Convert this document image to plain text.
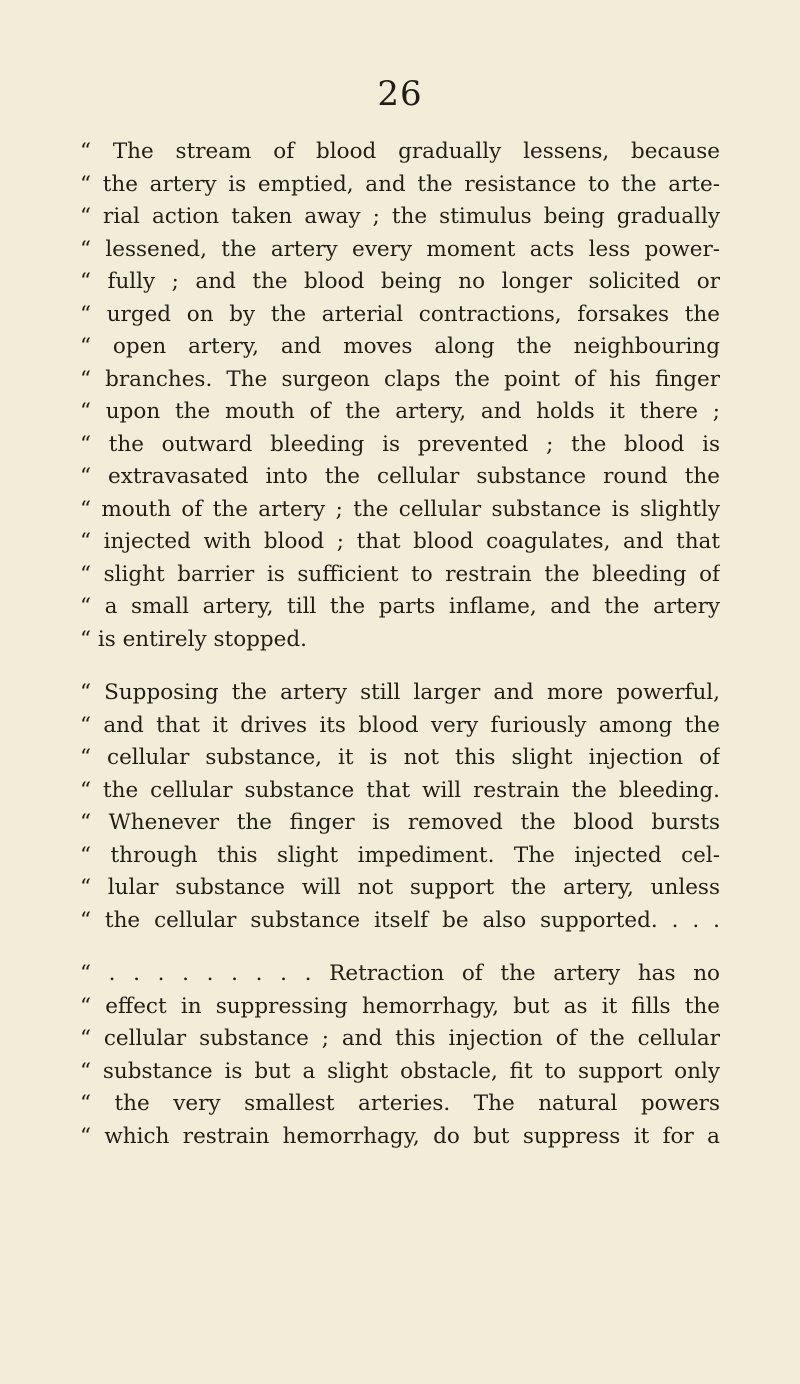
26
“ The stream of blood gradually lessens, because
“ the artery is emptied, and the resistance to the arte-
“ rial action taken away ; the stimulus being gradually
“ lessened, the artery every moment acts less power-
“ fully ; and the blood being no longer solicited or
“ urged on by the arterial contractions, forsakes the
“ open artery, and moves along the neighbouring
“ branches. The surgeon claps the point of his finger
“ upon the mouth of the artery, and holds it there ;
“ the outward bleeding is prevented ; the blood is
“ extravasated into the cellular substance round the
“ mouth of the artery ; the cellular substance is slightly
“ injected with blood ; that blood coagulates, and that
“ slight barrier is sufficient to restrain the bleeding of
“ a small artery, till the parts inflame, and the artery
“ is entirely stopped.
“ Supposing the artery still larger and more powerful,
“ and that it drives its blood very furiously among the
“ cellular substance, it is not this slight injection of
“ the cellular substance that will restrain the bleeding.
“ Whenever the finger is removed the blood bursts
“ through this slight impediment. The injected cel-
“ lular substance will not support the artery, unless
“ the cellular substance itself be also supported. . . .
“ . . . . . . . . . Retraction of the artery has no
“ effect in suppressing hemorrhagy, but as it fills the
“ cellular substance ; and this injection of the cellular
“ substance is but a slight obstacle, fit to support only
“ the very smallest arteries. The natural powers
“ which restrain hemorrhagy, do but suppress it for a
